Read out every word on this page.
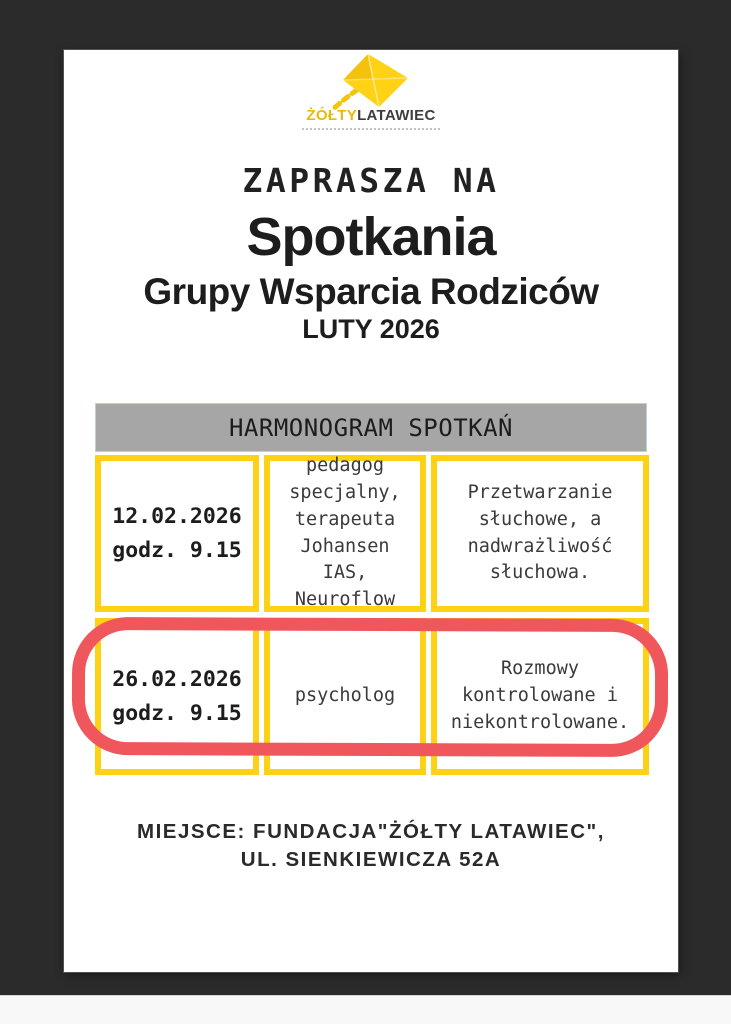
ŻÓŁTYLATAWIEC
ZAPRASZA NA
Spotkania
Grupy Wsparcia Rodziców
LUTY 2026
HARMONOGRAM SPOTKAŃ
12.02.2026
godz. 9.15
pedagog specjalny, terapeuta Johansen IAS, Neuroflow
Przetwarzanie słuchowe, a nadwrażliwość słuchowa.
26.02.2026
godz. 9.15
psycholog
Rozmowy kontrolowane i niekontrolowane.
MIEJSCE: FUNDACJA"ŻÓŁTY LATAWIEC",
UL. SIENKIEWICZA 52A
